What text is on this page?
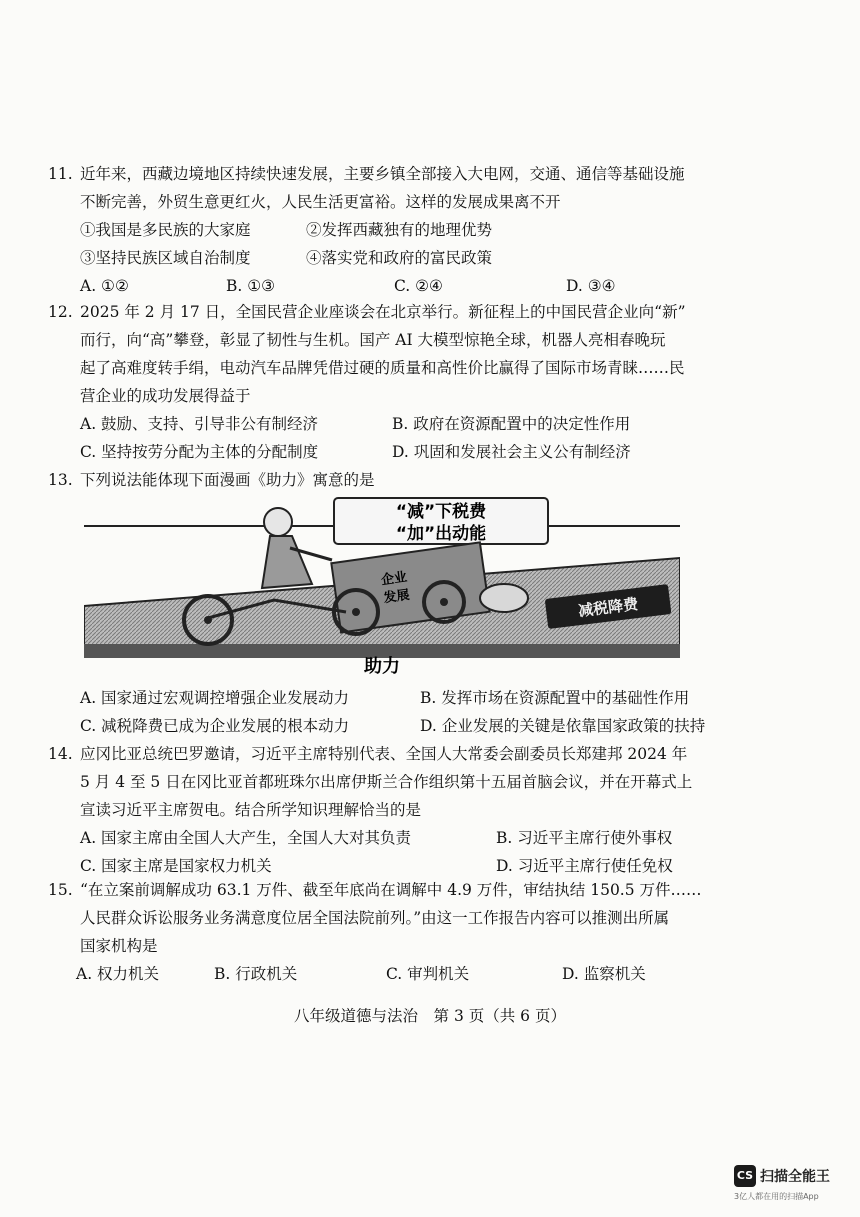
11. 近年来，西藏边境地区持续快速发展，主要乡镇全部接入大电网，交通、通信等基础设施
不断完善，外贸生意更红火，人民生活更富裕。这样的发展成果离不开
①我国是多民族的大家庭	②发挥西藏独有的地理优势
③坚持民族区域自治制度	④落实党和政府的富民政策
A. ①②	B. ①③	C. ②④	D. ③④
12. 2025 年 2 月 17 日，全国民营企业座谈会在北京举行。新征程上的中国民营企业向“新”
而行，向“高”攀登，彰显了韧性与生机。国产 AI 大模型惊艳全球，机器人亮相春晚玩
起了高难度转手绢，电动汽车品牌凭借过硬的质量和高性价比赢得了国际市场青睐……民
营企业的成功发展得益于
A. 鼓励、支持、引导非公有制经济	B. 政府在资源配置中的决定性作用
C. 坚持按劳分配为主体的分配制度	D. 巩固和发展社会主义公有制经济
13. 下列说法能体现下面漫画《助力》寓意的是
减税降费
“减”下税费
“加”出动能
企业
发展
助力
A. 国家通过宏观调控增强企业发展动力	B. 发挥市场在资源配置中的基础性作用
C. 减税降费已成为企业发展的根本动力	D. 企业发展的关键是依靠国家政策的扶持
14. 应冈比亚总统巴罗邀请，习近平主席特别代表、全国人大常委会副委员长郑建邦 2024 年
5 月 4 至 5 日在冈比亚首都班珠尔出席伊斯兰合作组织第十五届首脑会议，并在开幕式上
宣读习近平主席贺电。结合所学知识理解恰当的是
A. 国家主席由全国人大产生，全国人大对其负责	B. 习近平主席行使外事权
C. 国家主席是国家权力机关	D. 习近平主席行使任免权
15. “在立案前调解成功 63.1 万件、截至年底尚在调解中 4.9 万件，审结执结 150.5 万件……
人民群众诉讼服务业务满意度位居全国法院前列。”由这一工作报告内容可以推测出所属
国家机构是
A. 权力机关	B. 行政机关	C. 审判机关	D. 监察机关
八年级道德与法治　第 3 页（共 6 页）
CS 扫描全能王
3亿人都在用的扫描App
